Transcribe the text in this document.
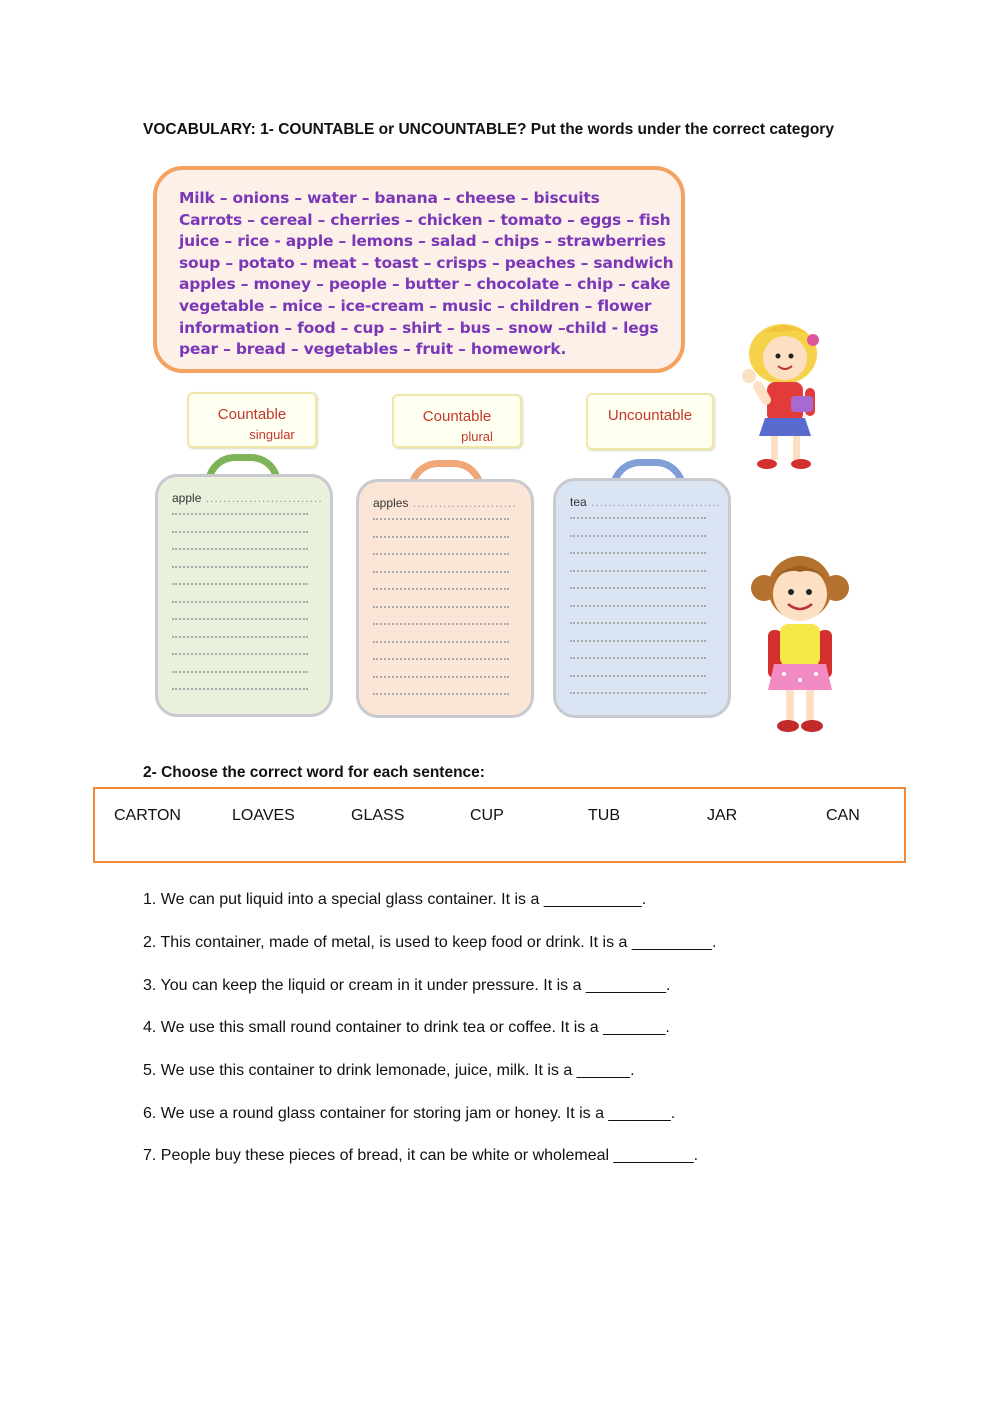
VOCABULARY: 1- COUNTABLE or UNCOUNTABLE? Put the words under the correct category
Milk – onions – water – banana – cheese – biscuits
Carrots – cereal – cherries – chicken – tomato – eggs – fish
juice – rice - apple – lemons – salad – chips – strawberries
soup – potato – meat – toast – crisps – peaches – sandwich
apples – money – people – butter – chocolate – chip – cake
vegetable – mice – ice-cream – music – children – flower
information – food – cup – shirt – bus – snow –child - legs
pear – bread – vegetables – fruit – homework.
Countable
singular
Countable
plural
Uncountable
apple ...........................	apples ........................	tea ..............................
2- Choose the correct word for each sentence:
CARTON	LOAVES	GLASS	CUP	TUB	JAR	CAN
1. We can put liquid into a special glass container. It is a ___________.
2. This container, made of metal, is used to keep food or drink. It is a _________.
3. You can keep the liquid or cream in it under pressure. It is a _________.
4. We use this small round container to drink tea or coffee. It is a _______.
5. We use this container to drink lemonade, juice, milk. It is a ______.
6. We use a round glass container for storing jam or honey. It is a _______.
7. People buy these pieces of bread, it can be white or wholemeal _________.
